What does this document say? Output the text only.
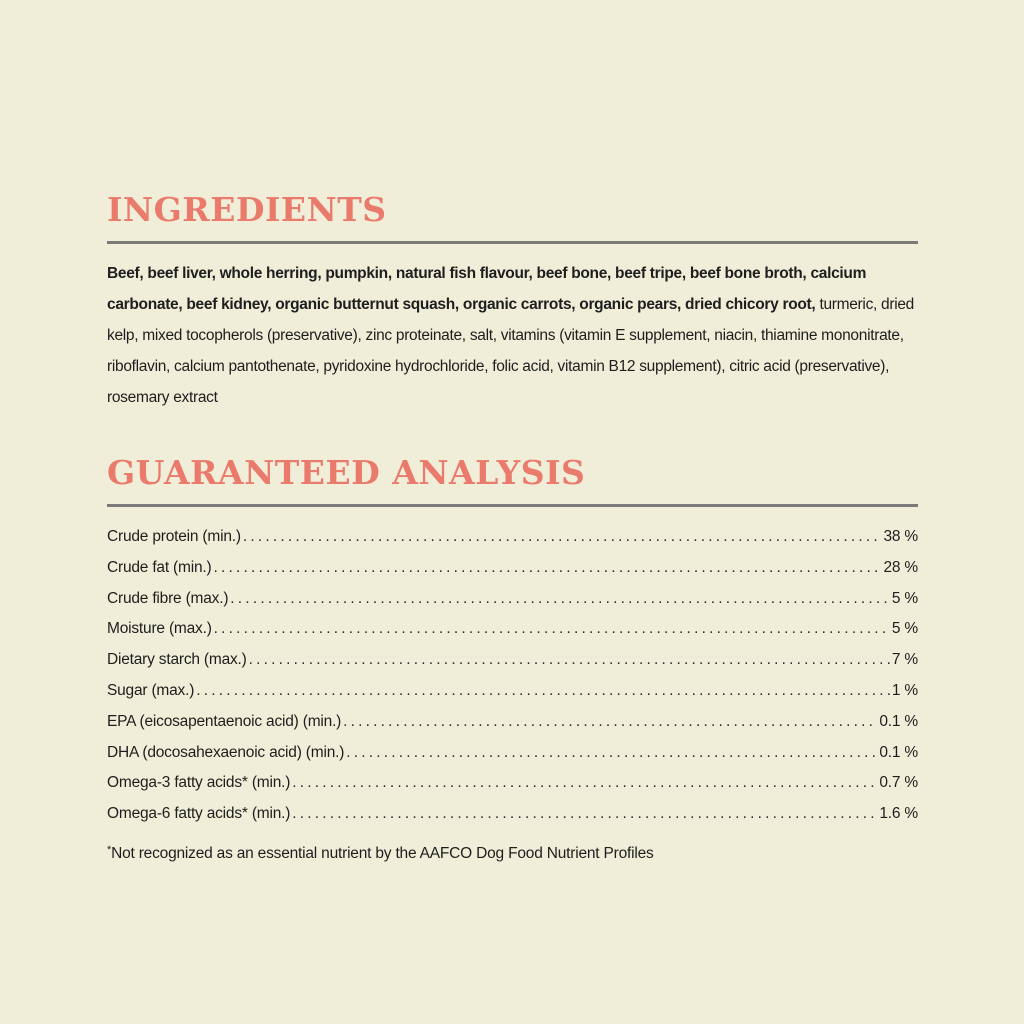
INGREDIENTS
Beef, beef liver, whole herring, pumpkin, natural fish flavour, beef bone, beef tripe, beef bone broth, calcium carbonate, beef kidney, organic butternut squash, organic carrots, organic pears, dried chicory root, turmeric, dried kelp, mixed tocopherols (preservative), zinc proteinate, salt, vitamins (vitamin E supplement, niacin, thiamine mononitrate, riboflavin, calcium pantothenate, pyridoxine hydrochloride, folic acid, vitamin B12 supplement), citric acid (preservative), rosemary extract
GUARANTEED ANALYSIS
Crude protein (min.) .....	38 %
Crude fat (min.) .....	28 %
Crude fibre (max.) .....	5 %
Moisture (max.) .....	5 %
Dietary starch (max.) .....	7 %
Sugar (max.) .....	1 %
EPA (eicosapentaenoic acid) (min.) .....	0.1 %
DHA (docosahexaenoic acid) (min.) .....	0.1 %
Omega-3 fatty acids* (min.) .....	0.7 %
Omega-6 fatty acids* (min.) .....	1.6 %
*Not recognized as an essential nutrient by the AAFCO Dog Food Nutrient Profiles
